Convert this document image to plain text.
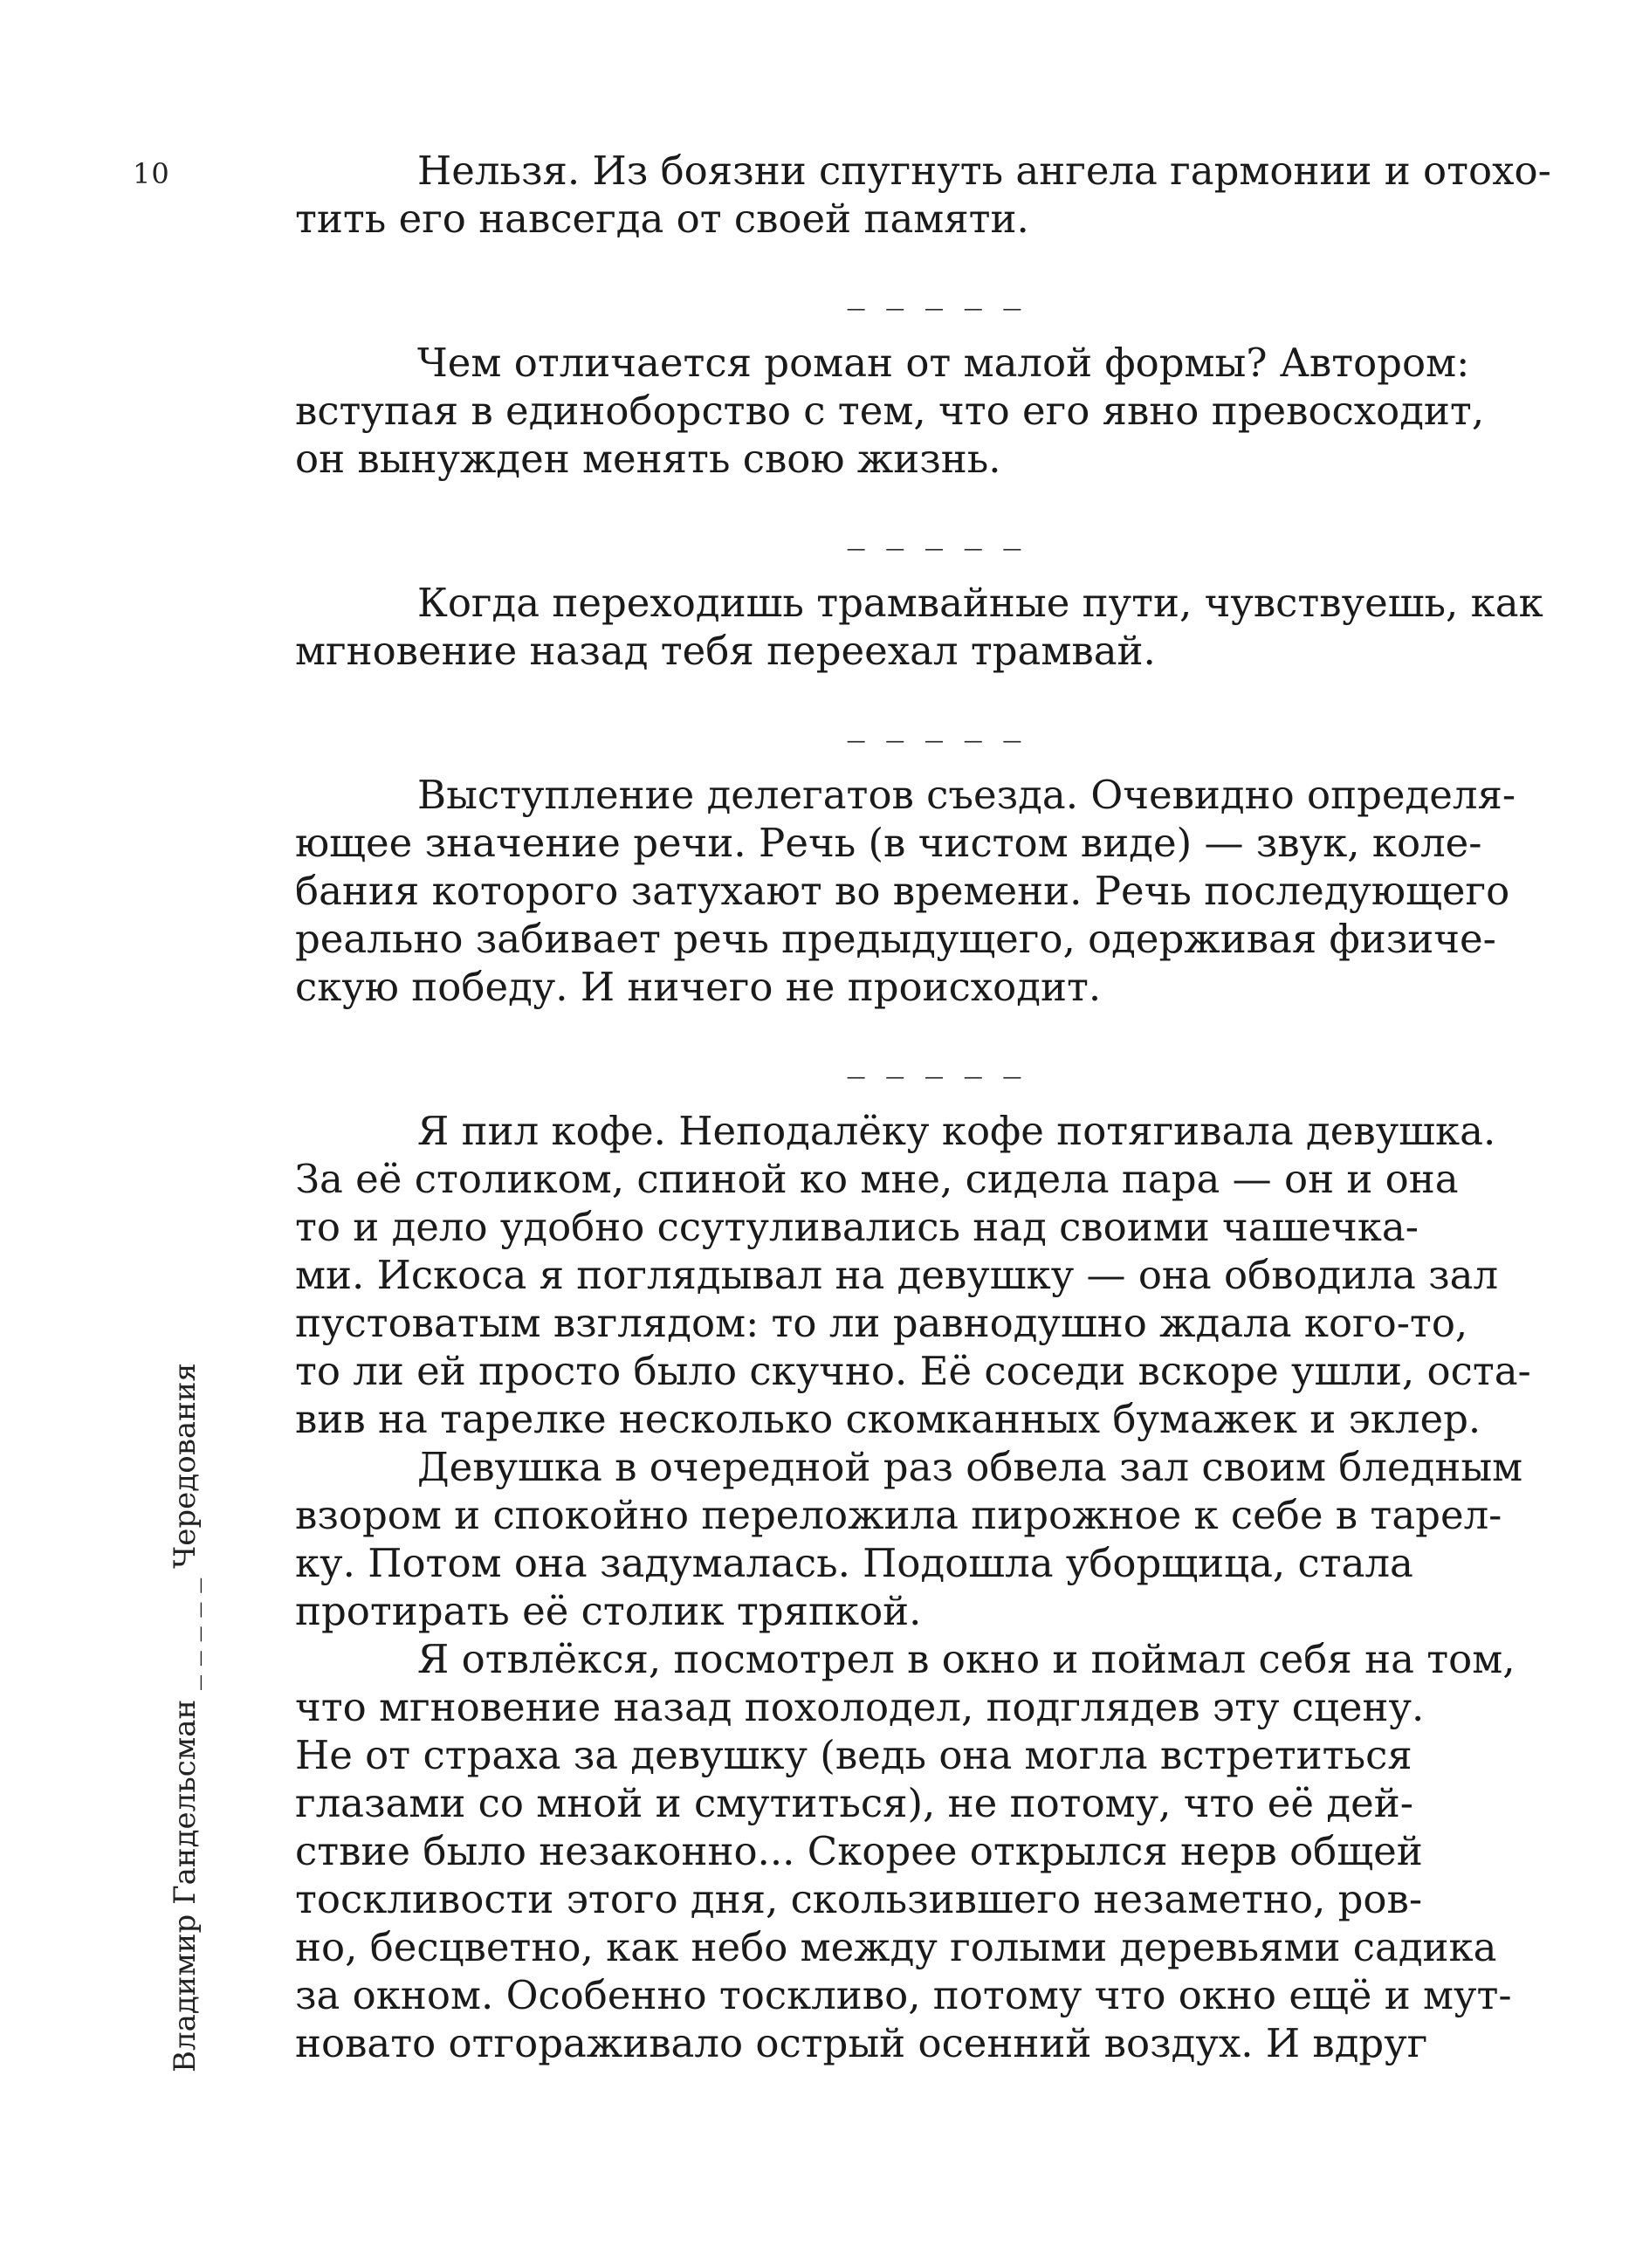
10
Владимир Гандельсман _ _ _ _ _ Чередования

Нельзя. Из боязни спугнуть ангела гармонии и отохо-
тить его навсегда от своей памяти.

_ _ _ _ _

Чем отличается роман от малой формы? Автором:
вступая в единоборство с тем, что его явно превосходит,
он вынужден менять свою жизнь.

_ _ _ _ _

Когда переходишь трамвайные пути, чувствуешь, как
мгновение назад тебя переехал трамвай.

_ _ _ _ _

Выступление делегатов съезда. Очевидно определя-
ющее значение речи. Речь (в чистом виде) — звук, коле-
бания которого затухают во времени. Речь последующего
реально забивает речь предыдущего, одерживая физиче-
скую победу. И ничего не происходит.

_ _ _ _ _

Я пил кофе. Неподалёку кофе потягивала девушка.
За её столиком, спиной ко мне, сидела пара — он и она
то и дело удобно ссутуливались над своими чашечка-
ми. Искоса я поглядывал на девушку — она обводила зал
пустоватым взглядом: то ли равнодушно ждала кого-то,
то ли ей просто было скучно. Её соседи вскоре ушли, оста-
вив на тарелке несколько скомканных бумажек и эклер.

Девушка в очередной раз обвела зал своим бледным
взором и спокойно переложила пирожное к себе в тарел-
ку. Потом она задумалась. Подошла уборщица, стала
протирать её столик тряпкой.

Я отвлёкся, посмотрел в окно и поймал себя на том,
что мгновение назад похолодел, подглядев эту сцену.
Не от страха за девушку (ведь она могла встретиться
глазами со мной и смутиться), не потому, что её дей-
ствие было незаконно... Скорее открылся нерв общей
тоскливости этого дня, скользившего незаметно, ров-
но, бесцветно, как небо между голыми деревьями садика
за окном. Особенно тоскливо, потому что окно ещё и мут-
новато отгораживало острый осенний воздух. И вдруг
